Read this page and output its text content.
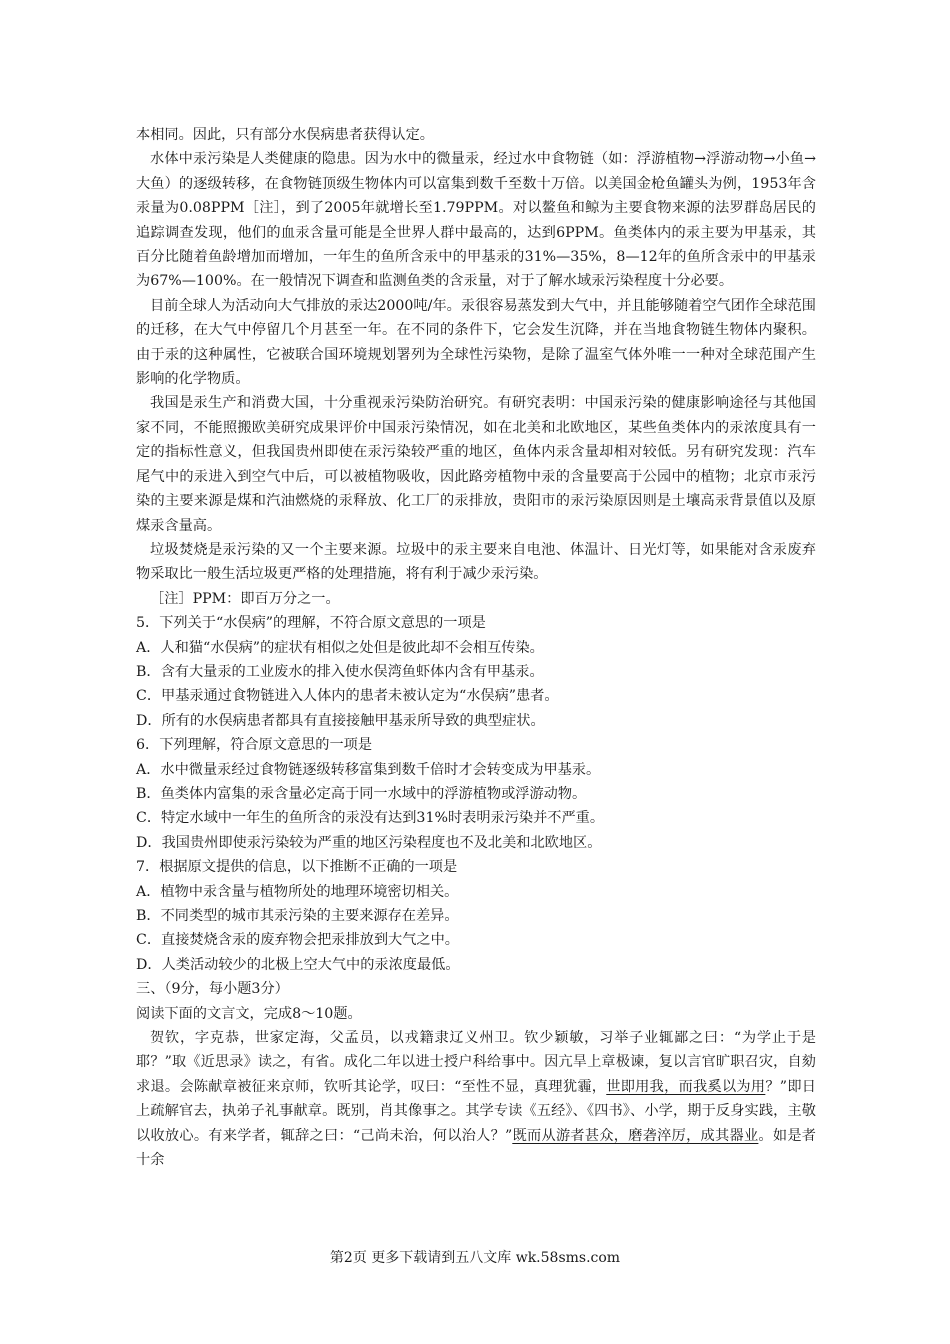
本相同。因此，只有部分水俣病患者获得认定。

水体中汞污染是人类健康的隐患。因为水中的微量汞，经过水中食物链（如：浮游植物→浮游动物→小鱼→大鱼）的逐级转移，在食物链顶级生物体内可以富集到数千至数十万倍。以美国金枪鱼罐头为例，1953年含汞量为0.08PPM［注］，到了2005年就增长至1.79PPM。对以鳌鱼和鲸为主要食物来源的法罗群岛居民的追踪调查发现，他们的血汞含量可能是全世界人群中最高的，达到6PPM。鱼类体内的汞主要为甲基汞，其百分比随着鱼龄增加而增加，一年生的鱼所含汞中的甲基汞的31%—35%，8—12年的鱼所含汞中的甲基汞为67%—100%。在一般情况下调查和监测鱼类的含汞量，对于了解水域汞污染程度十分必要。

目前全球人为活动向大气排放的汞达2000吨/年。汞很容易蒸发到大气中，并且能够随着空气团作全球范围的迁移，在大气中停留几个月甚至一年。在不同的条件下，它会发生沉降，并在当地食物链生物体内聚积。由于汞的这种属性，它被联合国环境规划署列为全球性污染物，是除了温室气体外唯一一种对全球范围产生影响的化学物质。

我国是汞生产和消费大国，十分重视汞污染防治研究。有研究表明：中国汞污染的健康影响途径与其他国家不同，不能照搬欧美研究成果评价中国汞污染情况，如在北美和北欧地区，某些鱼类体内的汞浓度具有一定的指标性意义，但我国贵州即使在汞污染较严重的地区，鱼体内汞含量却相对较低。另有研究发现：汽车尾气中的汞进入到空气中后，可以被植物吸收，因此路旁植物中汞的含量要高于公园中的植物；北京市汞污染的主要来源是煤和汽油燃烧的汞释放、化工厂的汞排放，贵阳市的汞污染原因则是土壤高汞背景值以及原煤汞含量高。

垃圾焚烧是汞污染的又一个主要来源。垃圾中的汞主要来自电池、体温计、日光灯等，如果能对含汞废弃物采取比一般生活垃圾更严格的处理措施，将有利于减少汞污染。

［注］PPM：即百万分之一。

5．下列关于“水俣病”的理解，不符合原文意思的一项是

A．人和猫“水俣病”的症状有相似之处但是彼此却不会相互传染。

B．含有大量汞的工业废水的排入使水俣湾鱼虾体内含有甲基汞。

C．甲基汞通过食物链进入人体内的患者未被认定为“水俣病”患者。

D．所有的水俣病患者都具有直接接触甲基汞所导致的典型症状。

6．下列理解，符合原文意思的一项是

A．水中微量汞经过食物链逐级转移富集到数千倍时才会转变成为甲基汞。

B．鱼类体内富集的汞含量必定高于同一水域中的浮游植物或浮游动物。

C．特定水域中一年生的鱼所含的汞没有达到31%时表明汞污染并不严重。

D．我国贵州即使汞污染较为严重的地区污染程度也不及北美和北欧地区。

7．根据原文提供的信息，以下推断不正确的一项是

A．植物中汞含量与植物所处的地理环境密切相关。

B．不同类型的城市其汞污染的主要来源存在差异。

C．直接焚烧含汞的废弃物会把汞排放到大气之中。

D．人类活动较少的北极上空大气中的汞浓度最低。

三、（9分，每小题3分）

阅读下面的文言文，完成8～10题。

贺钦，字克恭，世家定海，父孟员，以戎籍隶辽义州卫。钦少颖敏，习举子业辄鄙之曰：“为学止于是耶？”取《近思录》读之，有省。成化二年以进士授户科给事中。因亢旱上章极谏，复以言官旷职召灾，自劾求退。会陈献章被征来京师，钦听其论学，叹曰：“至性不显，真理犹霾，世即用我，而我奚以为用？”即日上疏解官去，执弟子礼事献章。既别，肖其像事之。其学专读《五经》、《四书》、小学，期于反身实践，主敬以收放心。有来学者，辄辞之曰：“己尚未治，何以治人？”既而从游者甚众，磨砻淬厉，成其器业。如是者十余

第2页 更多下载请到五八文库 wk.58sms.com
